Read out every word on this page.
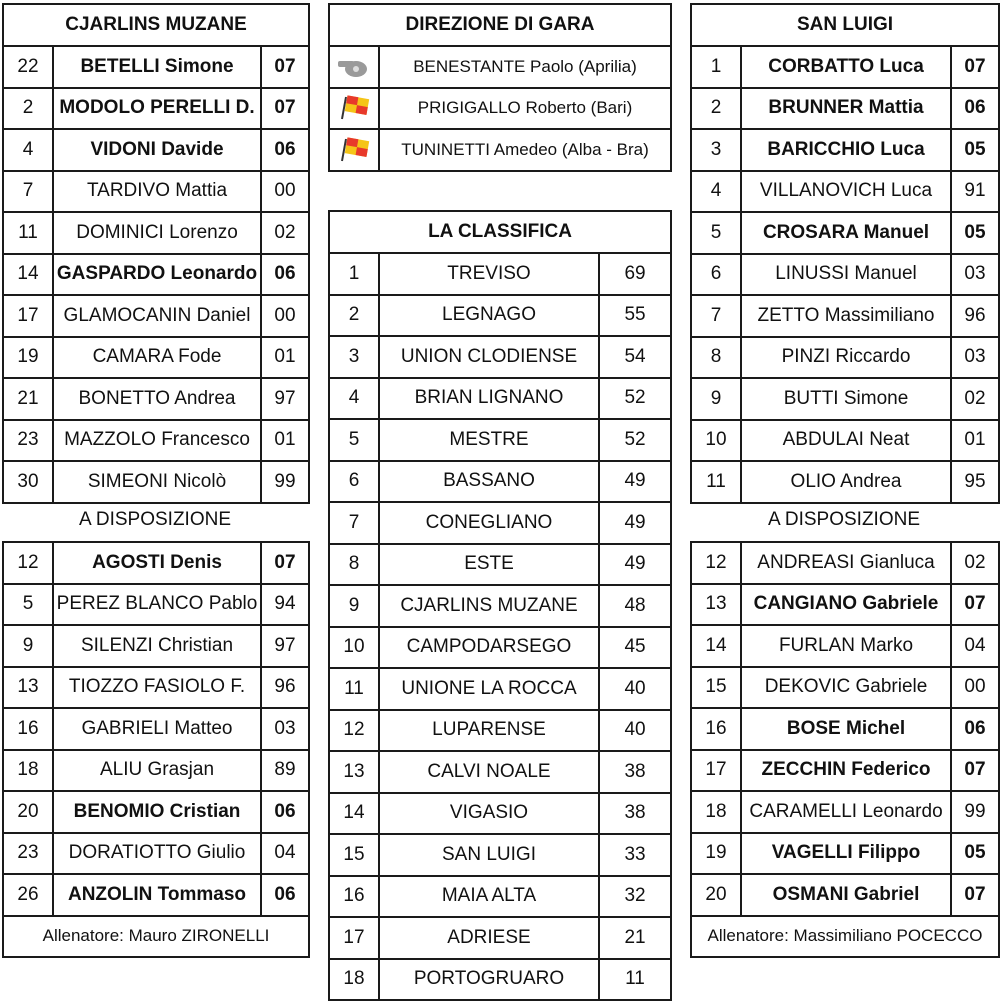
CJARLINS MUZANE		
22	BETELLI Simone	07
2	MODOLO PERELLI D.	07
4	VIDONI Davide	06
7	TARDIVO Mattia	00
11	DOMINICI Lorenzo	02
14	GASPARDO Leonardo	06
17	GLAMOCANIN Daniel	00
19	CAMARA Fode	01
21	BONETTO Andrea	97
23	MAZZOLO Francesco	01
30	SIMEONI Nicolò	99
A DISPOSIZIONE
12	AGOSTI Denis	07
5	PEREZ BLANCO Pablo	94
9	SILENZI Christian	97
13	TIOZZO FASIOLO F.	96
16	GABRIELI Matteo	03
18	ALIU Grasjan	89
20	BENOMIO Cristian	06
23	DORATIOTTO Giulio	04
26	ANZOLIN Tommaso	06
Allenatore: Mauro ZIRONELLI		
DIREZIONE DI GARA	
	BENESTANTE Paolo (Aprilia)
	PRIGIGALLO Roberto (Bari)
	TUNINETTI Amedeo (Alba - Bra)
LA CLASSIFICA		
1	TREVISO	69
2	LEGNAGO	55
3	UNION CLODIENSE	54
4	BRIAN LIGNANO	52
5	MESTRE	52
6	BASSANO	49
7	CONEGLIANO	49
8	ESTE	49
9	CJARLINS MUZANE	48
10	CAMPODARSEGO	45
11	UNIONE LA ROCCA	40
12	LUPARENSE	40
13	CALVI NOALE	38
14	VIGASIO	38
15	SAN LUIGI	33
16	MAIA ALTA	32
17	ADRIESE	21
18	PORTOGRUARO	11
SAN LUIGI		
1	CORBATTO Luca	07
2	BRUNNER Mattia	06
3	BARICCHIO Luca	05
4	VILLANOVICH Luca	91
5	CROSARA Manuel	05
6	LINUSSI Manuel	03
7	ZETTO Massimiliano	96
8	PINZI Riccardo	03
9	BUTTI Simone	02
10	ABDULAI Neat	01
11	OLIO Andrea	95
A DISPOSIZIONE
12	ANDREASI Gianluca	02
13	CANGIANO Gabriele	07
14	FURLAN Marko	04
15	DEKOVIC Gabriele	00
16	BOSE Michel	06
17	ZECCHIN Federico	07
18	CARAMELLI Leonardo	99
19	VAGELLI Filippo	05
20	OSMANI Gabriel	07
Allenatore: Massimiliano POCECCO		
